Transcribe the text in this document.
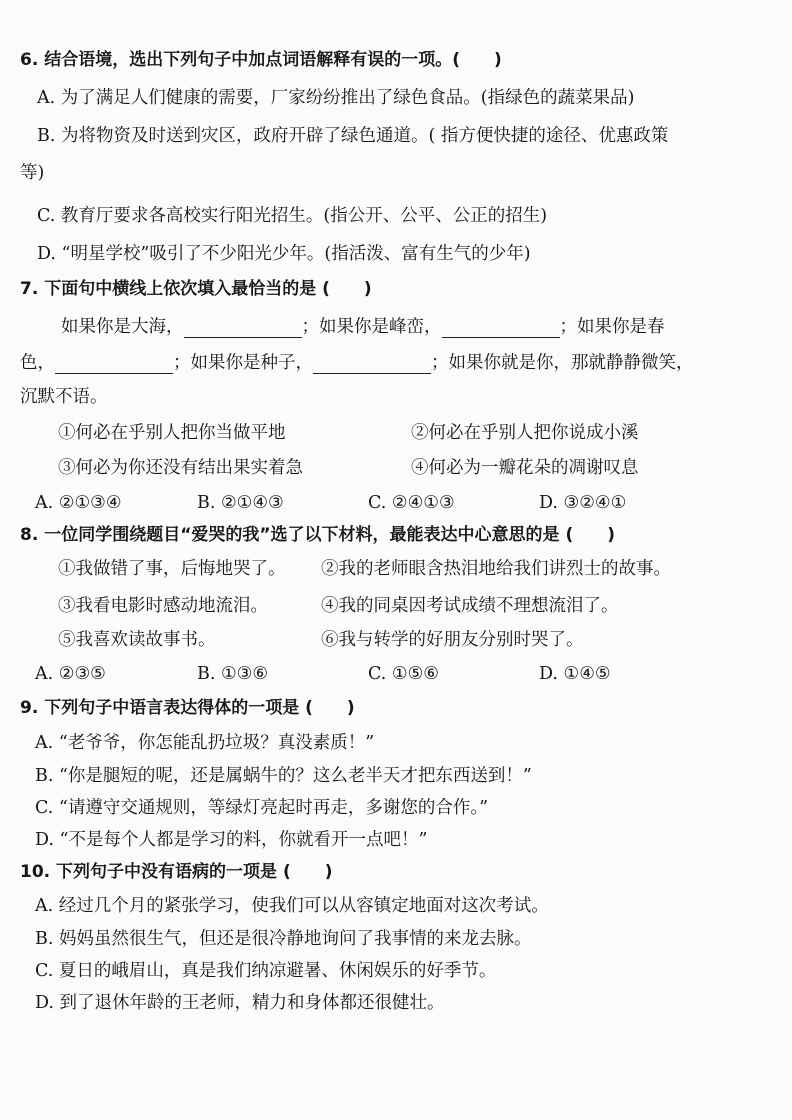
6. 结合语境，选出下列句子中加点词语解释有误的一项。(　　)
A. 为了满足人们健康的需要，厂家纷纷推出了绿色食品。(指绿色的蔬菜果品)
B. 为将物资及时送到灾区，政府开辟了绿色通道。( 指方便快捷的途径、优惠政策
等)
C. 教育厅要求各高校实行阳光招生。(指公开、公平、公正的招生)
D. “明星学校”吸引了不少阳光少年。(指活泼、富有生气的少年)
7. 下面句中横线上依次填入最恰当的是 (　　)
如果你是大海，	；如果你是峰峦，	；如果你是春
色，	；如果你是种子，	；如果你就是你，那就静静微笑，
沉默不语。
①何必在乎别人把你当做平地	②何必在乎别人把你说成小溪
③何必为你还没有结出果实着急	④何必为一瓣花朵的凋谢叹息
A. ②①③④	B. ②①④③	C. ②④①③	D. ③②④①
8. 一位同学围绕题目“爱哭的我”选了以下材料，最能表达中心意思的是 (　　)
①我做错了事，后悔地哭了。 ②我的老师眼含热泪地给我们讲烈士的故事。
③我看电影时感动地流泪。	④我的同桌因考试成绩不理想流泪了。
⑤我喜欢读故事书。	⑥我与转学的好朋友分别时哭了。
A. ②③⑤	B. ①③⑥	C. ①⑤⑥	D. ①④⑤
9. 下列句子中语言表达得体的一项是 (　　)
A. “老爷爷，你怎能乱扔垃圾？真没素质！”
B. “你是腿短的呢，还是属蜗牛的？这么老半天才把东西送到！”
C. “请遵守交通规则，等绿灯亮起时再走，多谢您的合作。”
D. “不是每个人都是学习的料，你就看开一点吧！”
10. 下列句子中没有语病的一项是 (　　)
A. 经过几个月的紧张学习，使我们可以从容镇定地面对这次考试。
B. 妈妈虽然很生气，但还是很冷静地询问了我事情的来龙去脉。
C. 夏日的峨眉山，真是我们纳凉避暑、休闲娱乐的好季节。
D. 到了退休年龄的王老师，精力和身体都还很健壮。
